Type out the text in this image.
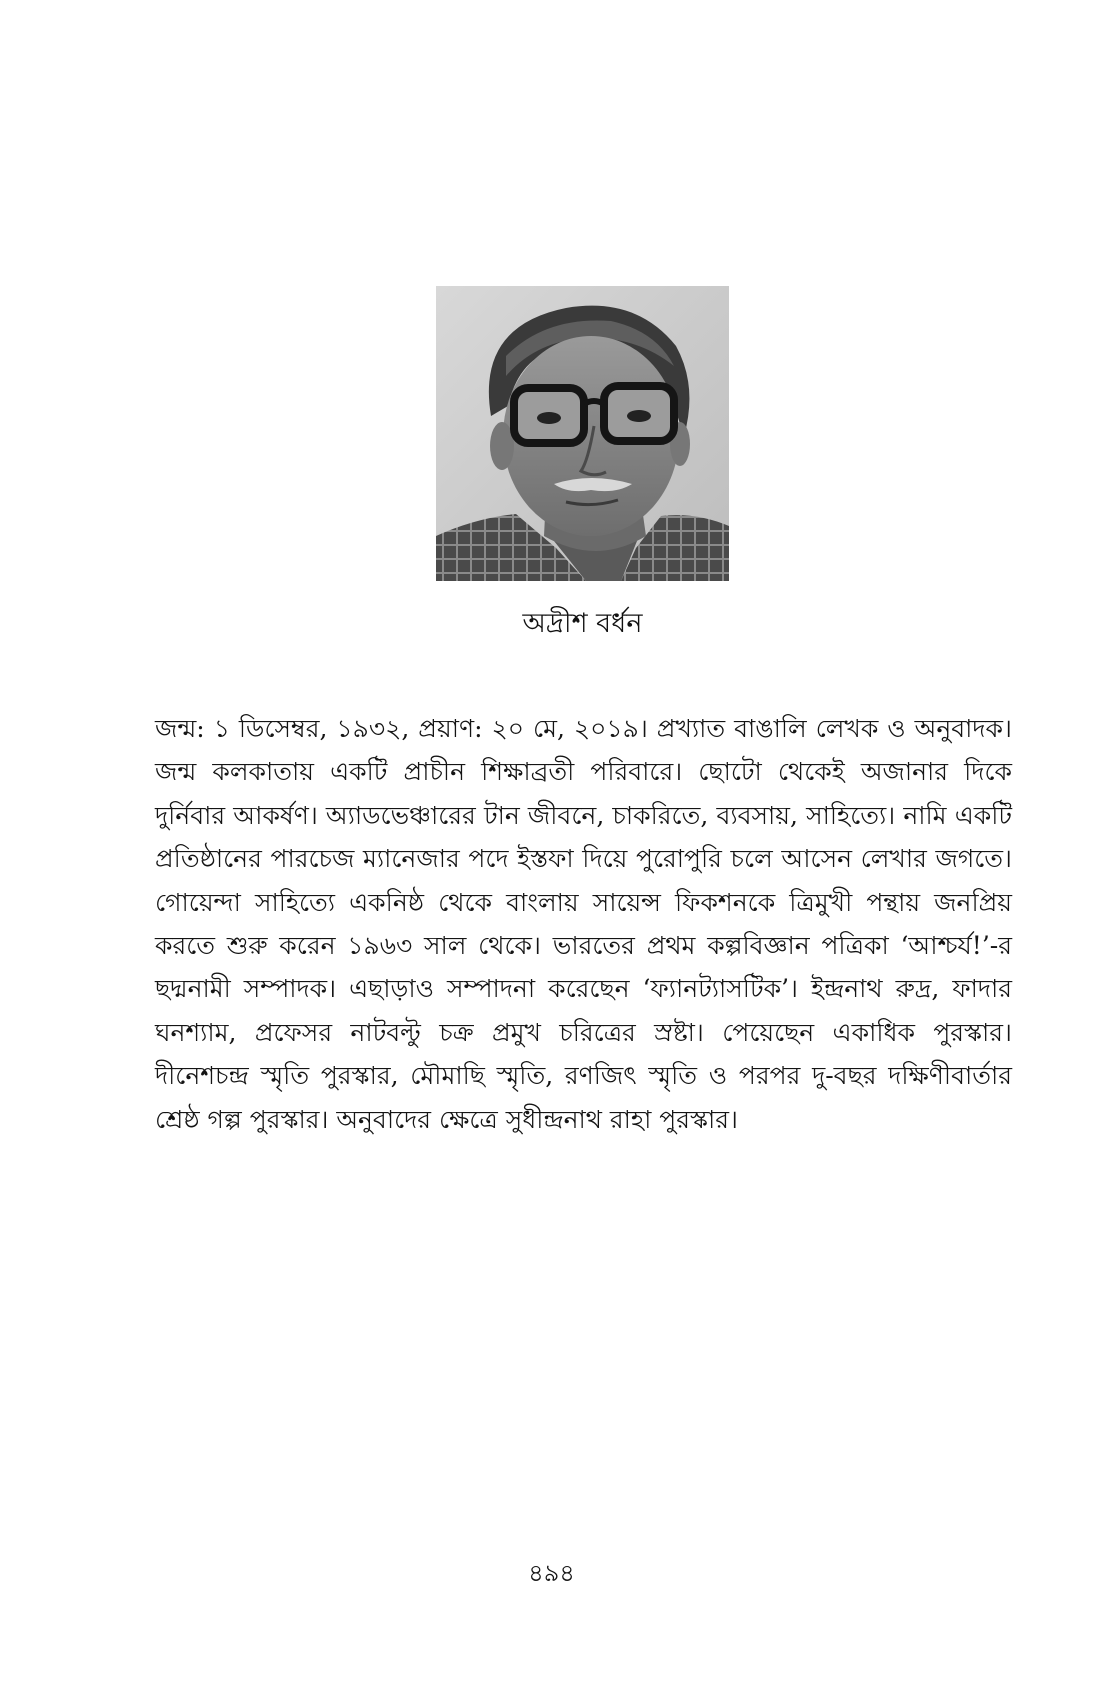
অদ্রীশ বর্ধন

জন্ম: ১ ডিসেম্বর, ১৯৩২, প্রয়াণ: ২০ মে, ২০১৯। প্রখ্যাত বাঙালি লেখক ও অনুবাদক। জন্ম কলকাতায় একটি প্রাচীন শিক্ষাব্রতী পরিবারে। ছোটো থেকেই অজানার দিকে দুর্নিবার আকর্ষণ। অ্যাডভেঞ্চারের টান জীবনে, চাকরিতে, ব্যবসায়, সাহিত্যে। নামি একটি প্রতিষ্ঠানের পারচেজ ম্যানেজার পদে ইস্তফা দিয়ে পুরোপুরি চলে আসেন লেখার জগতে। গোয়েন্দা সাহিত্যে একনিষ্ঠ থেকে বাংলায় সায়েন্স ফিকশনকে ত্রিমুখী পন্থায় জনপ্রিয় করতে শুরু করেন ১৯৬৩ সাল থেকে। ভারতের প্রথম কল্পবিজ্ঞান পত্রিকা ‘আশ্চর্য!’-র ছদ্মনামী সম্পাদক। এছাড়াও সম্পাদনা করেছেন ‘ফ্যানট্যাসটিক’। ইন্দ্রনাথ রুদ্র, ফাদার ঘনশ্যাম, প্রফেসর নাটবল্টু চক্র প্রমুখ চরিত্রের স্রষ্টা। পেয়েছেন একাধিক পুরস্কার। দীনেশচন্দ্র স্মৃতি পুরস্কার, মৌমাছি স্মৃতি, রণজিৎ স্মৃতি ও পরপর দু-বছর দক্ষিণীবার্তার শ্রেষ্ঠ গল্প পুরস্কার। অনুবাদের ক্ষেত্রে সুধীন্দ্রনাথ রাহা পুরস্কার।

৪৯৪
